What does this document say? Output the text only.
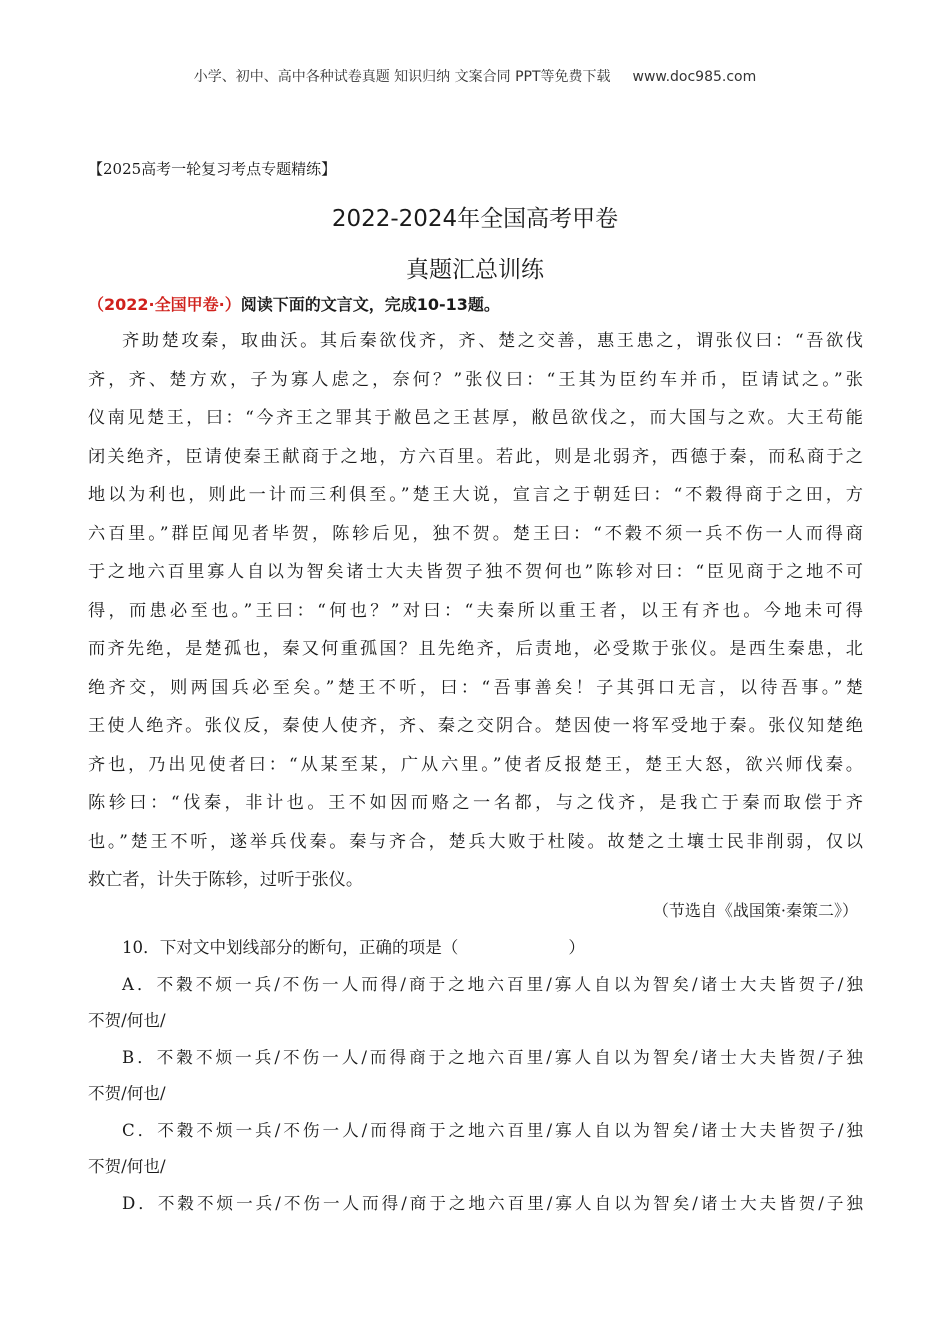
小学、初中、高中各种试卷真题 知识归纳 文案合同 PPT等免费下载 www.doc985.com
【2025高考一轮复习考点专题精练】
2022-2024年全国高考甲卷
真题汇总训练
（2022·全国甲卷·）阅读下面的文言文，完成10-13题。
齐助楚攻秦，取曲沃。其后秦欲伐齐，齐、楚之交善，惠王患之，谓张仪曰：“吾欲伐
齐，齐、楚方欢，子为寡人虑之，奈何？”张仪曰：“王其为臣约车并币，臣请试之。”张
仪南见楚王，曰：“今齐王之罪其于敝邑之王甚厚，敝邑欲伐之，而大国与之欢。大王苟能
闭关绝齐，臣请使秦王献商于之地，方六百里。若此，则是北弱齐，西德于秦，而私商于之
地以为利也，则此一计而三利俱至。”楚王大说，宣言之于朝廷曰：“不穀得商于之田，方
六百里。”群臣闻见者毕贺，陈轸后见，独不贺。楚王曰：“不穀不须一兵不伤一人而得商
于之地六百里寡人自以为智矣诸士大夫皆贺子独不贺何也”陈轸对曰：“臣见商于之地不可
得，而患必至也。”王曰：“何也？”对曰：“夫秦所以重王者，以王有齐也。今地未可得
而齐先绝，是楚孤也，秦又何重孤国？且先绝齐，后责地，必受欺于张仪。是西生秦患，北
绝齐交，则两国兵必至矣。”楚王不听，曰：“吾事善矣！子其弭口无言，以待吾事。”楚
王使人绝齐。张仪反，秦使人使齐，齐、秦之交阴合。楚因使一将军受地于秦。张仪知楚绝
齐也，乃出见使者曰：“从某至某，广从六里。”使者反报楚王，楚王大怒，欲兴师伐秦。
陈轸曰：“伐秦，非计也。王不如因而赂之一名都，与之伐齐，是我亡于秦而取偿于齐
也。”楚王不听，遂举兵伐秦。秦与齐合，楚兵大败于杜陵。故楚之土壤士民非削弱，仅以
救亡者，计失于陈轸，过听于张仪。
（节选自《战国策·秦策二》）
10．下对文中划线部分的断句，正确的项是（	）
A．不穀不烦一兵/不伤一人而得/商于之地六百里/寡人自以为智矣/诸士大夫皆贺子/独
不贺/何也/
B．不穀不烦一兵/不伤一人/而得商于之地六百里/寡人自以为智矣/诸士大夫皆贺/子独
不贺/何也/
C．不穀不烦一兵/不伤一人/而得商于之地六百里/寡人自以为智矣/诸士大夫皆贺子/独
不贺/何也/
D．不穀不烦一兵/不伤一人而得/商于之地六百里/寡人自以为智矣/诸士大夫皆贺/子独
